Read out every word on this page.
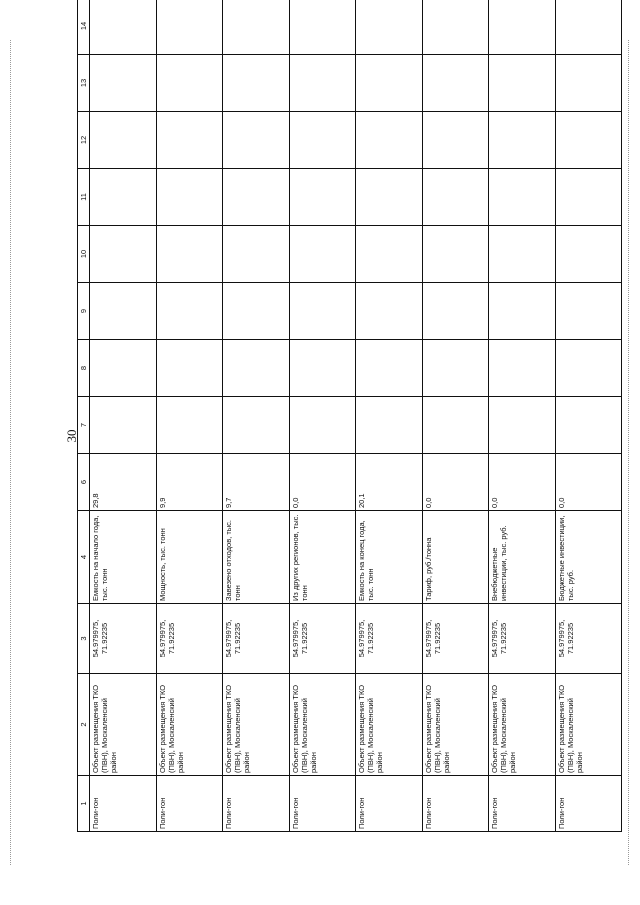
30
1	2	3	4	6	7	8	9	10	11	12	13	14	
Поли-гон	Объект размещения ТКО (ПВН), Москаленский район	54.979975, 71.92235	Емкость на начало года, тыс. тонн	29,8									
Поли-гон	Объект размещения ТКО (ПВН), Москаленский район	54.979975, 71.92235	Мощность, тыс. тонн	9,9									
Поли-гон	Объект размещения ТКО (ПВН), Москаленский район	54.979975, 71.92235	Завезено отходов, тыс. тонн	9,7									
Поли-гон	Объект размещения ТКО (ПВН), Москаленский район	54.979975, 71.92235	Из других регионов, тыс. тонн	0,0									
Поли-гон	Объект размещения ТКО (ПВН), Москаленский район	54.979975, 71.92235	Емкость на конец года, тыс. тонн	20,1									
Поли-гон	Объект размещения ТКО (ПВН), Москаленский район	54.979975, 71.92235	Тариф, руб./тонна	0,0									
Поли-гон	Объект размещения ТКО (ПВН), Москаленский район	54.979975, 71.92235	Внебюджетные инвестиции, тыс. руб.	0,0									
Поли-гон	Объект размещения ТКО (ПВН), Москаленский район	54.979975, 71.92235	Бюджетные инвестиции, тыс. руб.	0,0									
